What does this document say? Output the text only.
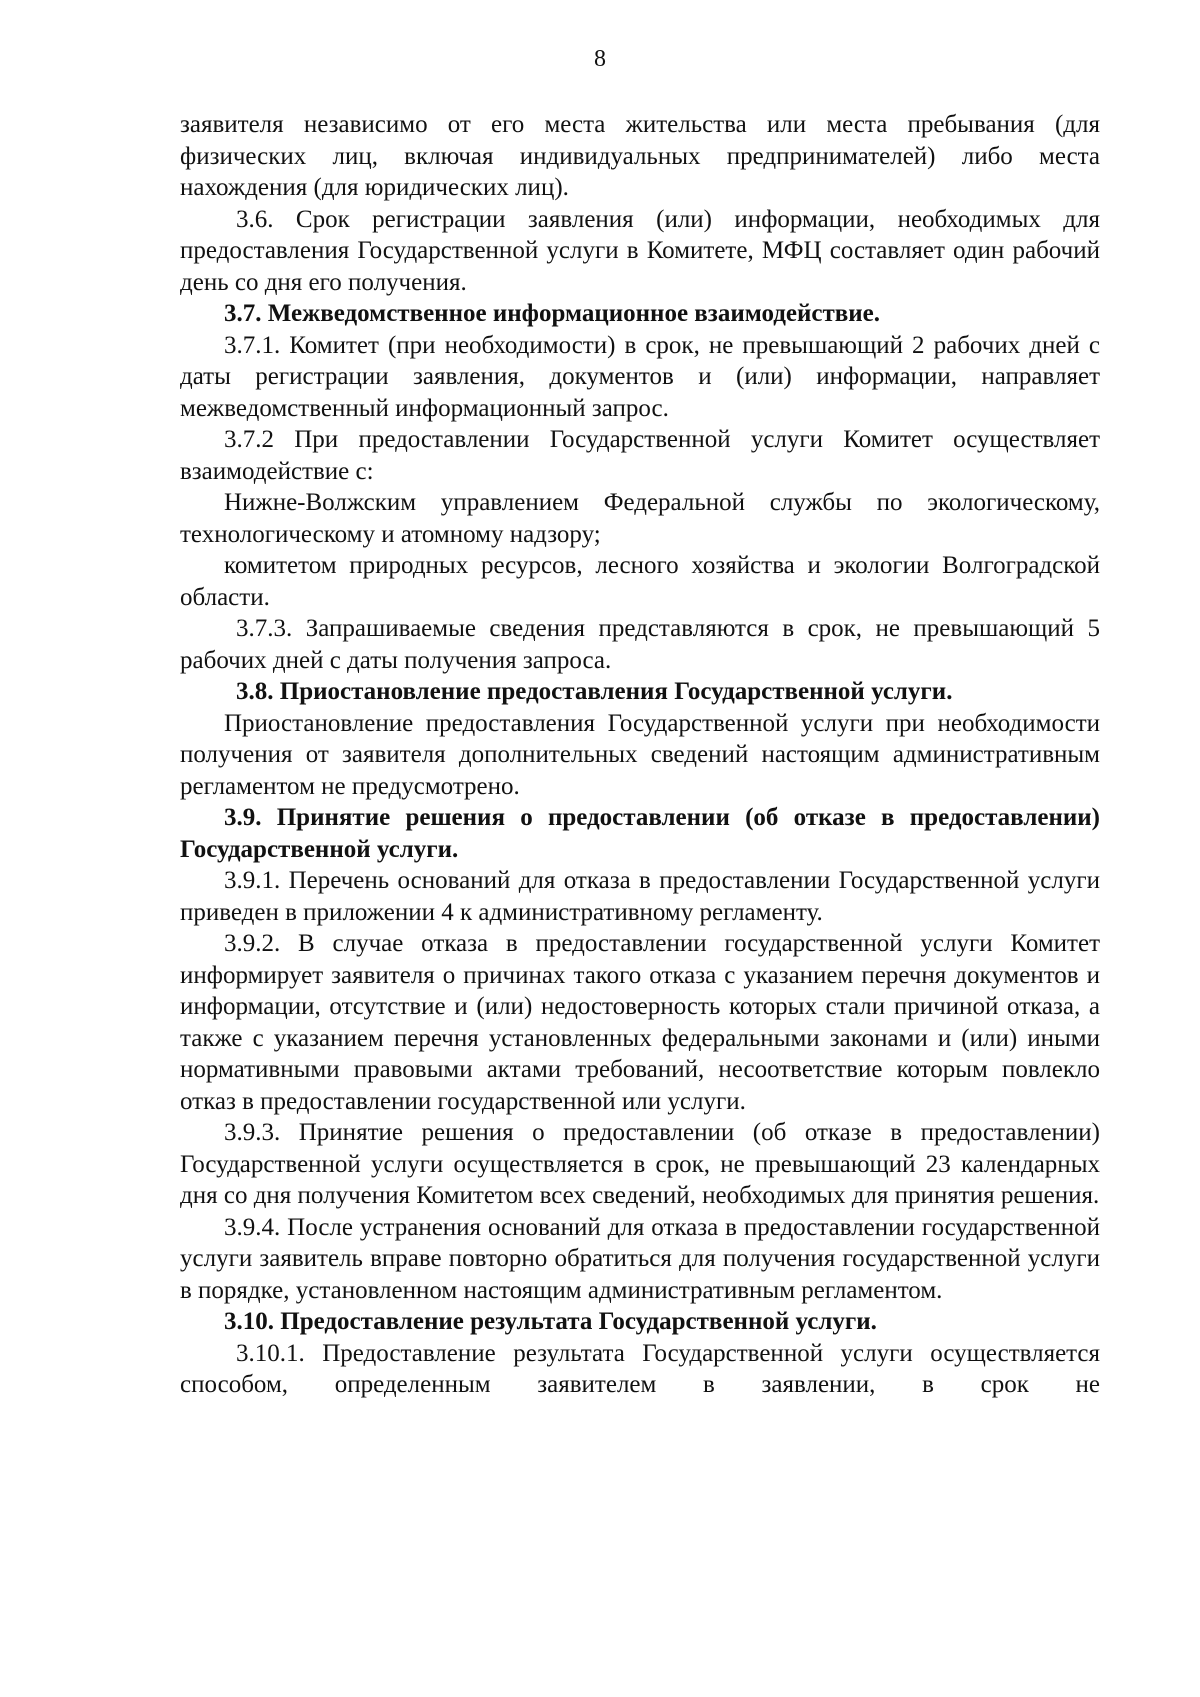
8

заявителя независимо от его места жительства или места пребывания (для физических лиц, включая индивидуальных предпринимателей) либо места нахождения (для юридических лиц).

3.6. Срок регистрации заявления (или) информации, необходимых для предоставления Государственной услуги в Комитете, МФЦ составляет один рабочий день со дня его получения.

3.7. Межведомственное информационное взаимодействие.

3.7.1. Комитет (при необходимости) в срок, не превышающий 2 рабочих дней с даты регистрации заявления, документов и (или) информации, направляет межведомственный информационный запрос.

3.7.2 При предоставлении Государственной услуги Комитет осуществляет взаимодействие с:

Нижне-Волжским управлением Федеральной службы по экологическому, технологическому и атомному надзору;

комитетом природных ресурсов, лесного хозяйства и экологии Волгоградской области.

3.7.3. Запрашиваемые сведения представляются в срок, не превышающий 5 рабочих дней с даты получения запроса.

3.8. Приостановление предоставления Государственной услуги.

Приостановление предоставления Государственной услуги при необходимости получения от заявителя дополнительных сведений настоящим административным регламентом не предусмотрено.

3.9. Принятие решения о предоставлении (об отказе в предоставлении) Государственной услуги.

3.9.1. Перечень оснований для отказа в предоставлении Государственной услуги приведен в приложении 4 к административному регламенту.

3.9.2. В случае отказа в предоставлении государственной услуги Комитет информирует заявителя о причинах такого отказа с указанием перечня документов и информации, отсутствие и (или) недостоверность которых стали причиной отказа, а также с указанием перечня установленных федеральными законами и (или) иными нормативными правовыми актами требований, несоответствие которым повлекло отказ в предоставлении государственной или услуги.

3.9.3. Принятие решения о предоставлении (об отказе в предоставлении) Государственной услуги осуществляется в срок, не превышающий 23 календарных дня со дня получения Комитетом всех сведений, необходимых для принятия решения.

3.9.4. После устранения оснований для отказа в предоставлении государственной услуги заявитель вправе повторно обратиться для получения государственной услуги в порядке, установленном настоящим административным регламентом.

3.10. Предоставление результата Государственной услуги.

3.10.1. Предоставление результата Государственной услуги осуществляется способом, определенным заявителем в заявлении, в срок не
